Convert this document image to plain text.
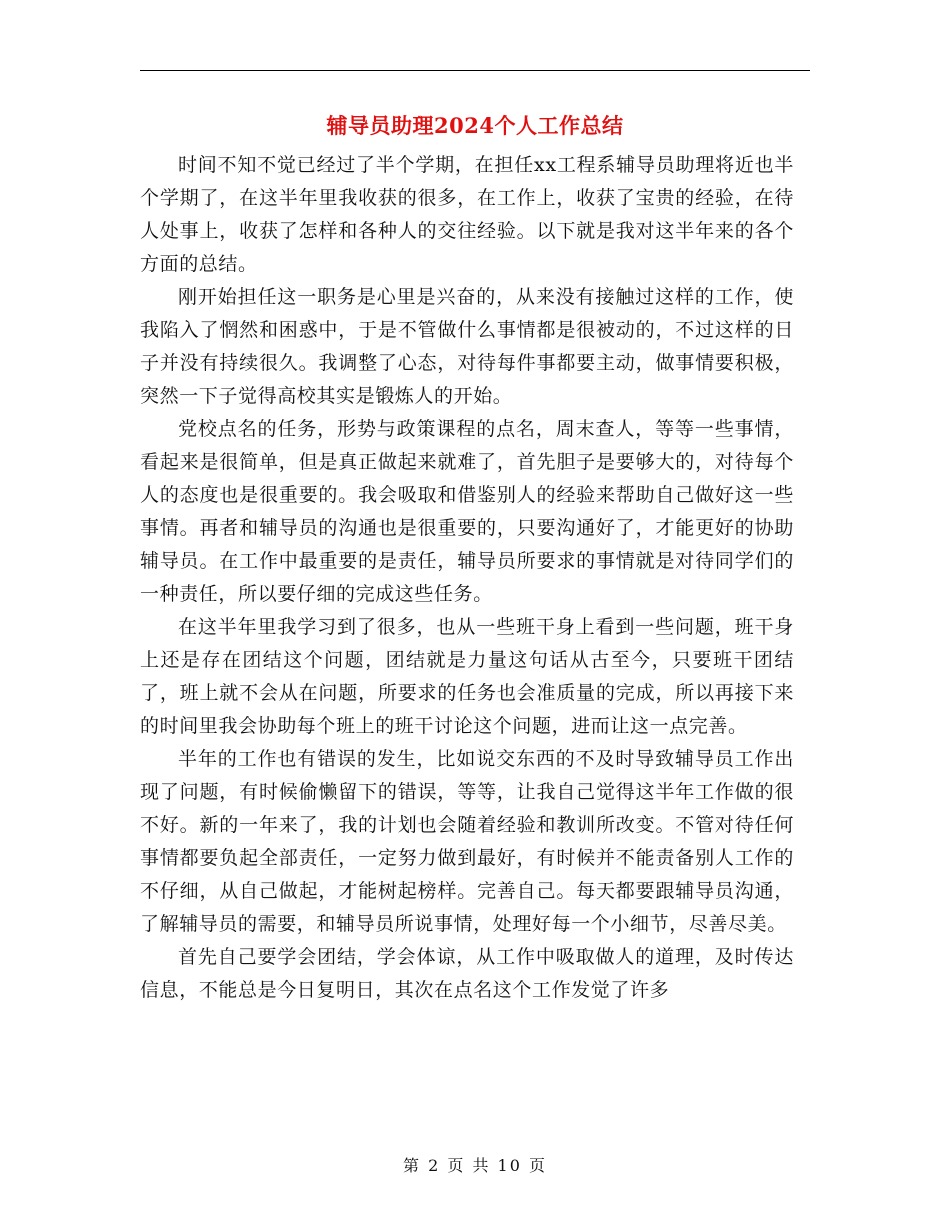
辅导员助理2024个人工作总结

时间不知不觉已经过了半个学期，在担任xx工程系辅导员助理将近也半个学期了，在这半年里我收获的很多，在工作上，收获了宝贵的经验，在待人处事上，收获了怎样和各种人的交往经验。以下就是我对这半年来的各个方面的总结。

刚开始担任这一职务是心里是兴奋的，从来没有接触过这样的工作，使我陷入了惘然和困惑中，于是不管做什么事情都是很被动的，不过这样的日子并没有持续很久。我调整了心态，对待每件事都要主动，做事情要积极，突然一下子觉得高校其实是锻炼人的开始。

党校点名的任务，形势与政策课程的点名，周末查人，等等一些事情，看起来是很简单，但是真正做起来就难了，首先胆子是要够大的，对待每个人的态度也是很重要的。我会吸取和借鉴别人的经验来帮助自己做好这一些事情。再者和辅导员的沟通也是很重要的，只要沟通好了，才能更好的协助辅导员。在工作中最重要的是责任，辅导员所要求的事情就是对待同学们的一种责任，所以要仔细的完成这些任务。

在这半年里我学习到了很多，也从一些班干身上看到一些问题，班干身上还是存在团结这个问题，团结就是力量这句话从古至今，只要班干团结了，班上就不会从在问题，所要求的任务也会准质量的完成，所以再接下来的时间里我会协助每个班上的班干讨论这个问题，进而让这一点完善。

半年的工作也有错误的发生，比如说交东西的不及时导致辅导员工作出现了问题，有时候偷懒留下的错误，等等，让我自己觉得这半年工作做的很不好。新的一年来了，我的计划也会随着经验和教训所改变。不管对待任何事情都要负起全部责任，一定努力做到最好，有时候并不能责备别人工作的不仔细，从自己做起，才能树起榜样。完善自己。每天都要跟辅导员沟通，了解辅导员的需要，和辅导员所说事情，处理好每一个小细节，尽善尽美。

首先自己要学会团结，学会体谅，从工作中吸取做人的道理，及时传达信息，不能总是今日复明日，其次在点名这个工作发觉了许多

第 2 页 共 10 页
